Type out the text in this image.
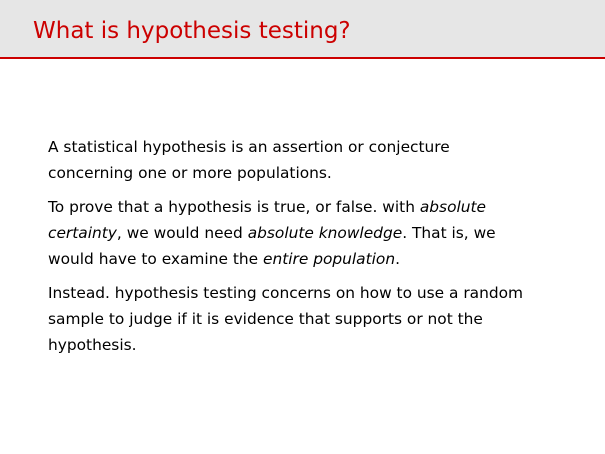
What is hypothesis testing?
A statistical hypothesis is an assertion or conjecture
concerning one or more populations.
To prove that a hypothesis is true, or false. with absolute
certainty, we would need absolute knowledge. That is, we
would have to examine the entire population.
Instead. hypothesis testing concerns on how to use a random
sample to judge if it is evidence that supports or not the
hypothesis.
